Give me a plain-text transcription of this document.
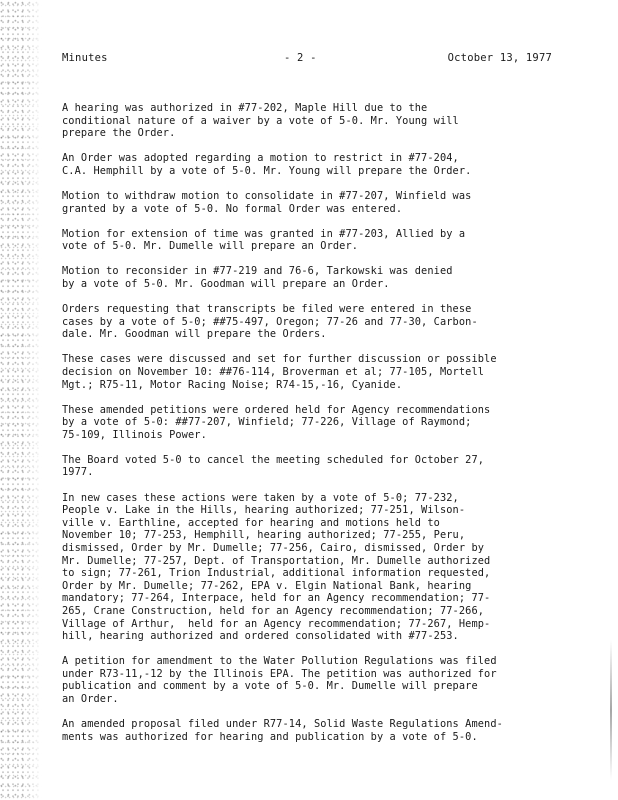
Minutes	- 2 -	October 13, 1977
A hearing was authorized in #77-202, Maple Hill due to the
conditional nature of a waiver by a vote of 5-0. Mr. Young will
prepare the Order.
An Order was adopted regarding a motion to restrict in #77-204,
C.A. Hemphill by a vote of 5-0. Mr. Young will prepare the Order.
Motion to withdraw motion to consolidate in #77-207, Winfield was
granted by a vote of 5-0. No formal Order was entered.
Motion for extension of time was granted in #77-203, Allied by a
vote of 5-0. Mr. Dumelle will prepare an Order.
Motion to reconsider in #77-219 and 76-6, Tarkowski was denied
by a vote of 5-0. Mr. Goodman will prepare an Order.
Orders requesting that transcripts be filed were entered in these
cases by a vote of 5-0; ##75-497, Oregon; 77-26 and 77-30, Carbon-
dale. Mr. Goodman will prepare the Orders.
These cases were discussed and set for further discussion or possible
decision on November 10: ##76-114, Broverman et al; 77-105, Mortell
Mgt.; R75-11, Motor Racing Noise; R74-15,-16, Cyanide.
These amended petitions were ordered held for Agency recommendations
by a vote of 5-0: ##77-207, Winfield; 77-226, Village of Raymond;
75-109, Illinois Power.
The Board voted 5-0 to cancel the meeting scheduled for October 27,
1977.
In new cases these actions were taken by a vote of 5-0; 77-232,
People v. Lake in the Hills, hearing authorized; 77-251, Wilson-
ville v. Earthline, accepted for hearing and motions held to
November 10; 77-253, Hemphill, hearing authorized; 77-255, Peru,
dismissed, Order by Mr. Dumelle; 77-256, Cairo, dismissed, Order by
Mr. Dumelle; 77-257, Dept. of Transportation, Mr. Dumelle authorized
to sign; 77-261, Trion Industrial, additional information requested,
Order by Mr. Dumelle; 77-262, EPA v. Elgin National Bank, hearing
mandatory; 77-264, Interpace, held for an Agency recommendation; 77-
265, Crane Construction, held for an Agency recommendation; 77-266,
Village of Arthur,  held for an Agency recommendation; 77-267, Hemp-
hill, hearing authorized and ordered consolidated with #77-253.
A petition for amendment to the Water Pollution Regulations was filed
under R73-11,-12 by the Illinois EPA. The petition was authorized for
publication and comment by a vote of 5-0. Mr. Dumelle will prepare
an Order.
An amended proposal filed under R77-14, Solid Waste Regulations Amend-
ments was authorized for hearing and publication by a vote of 5-0.
